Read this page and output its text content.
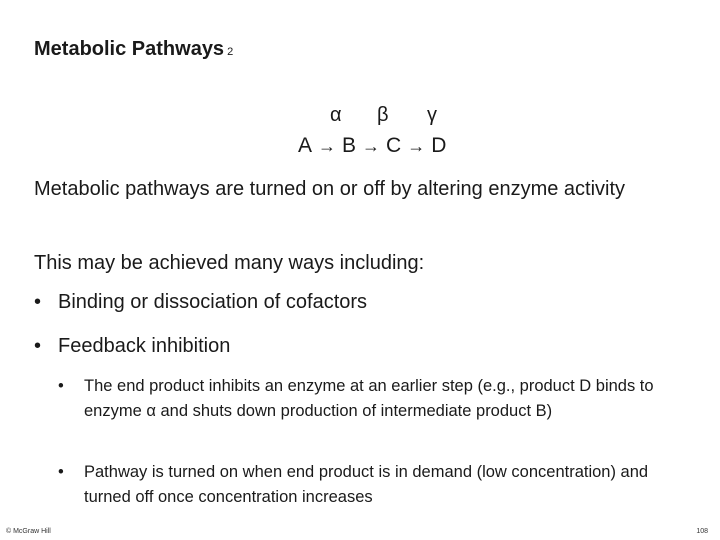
Metabolic Pathways 2
α β γ
A → B → C → D
Metabolic pathways are turned on or off by altering enzyme activity
This may be achieved many ways including:
• Binding or dissociation of cofactors
• Feedback inhibition
• The end product inhibits an enzyme at an earlier step (e.g., product D binds to enzyme α and shuts down production of intermediate product B)
• Pathway is turned on when end product is in demand (low concentration) and turned off once concentration increases
© McGraw Hill	108
